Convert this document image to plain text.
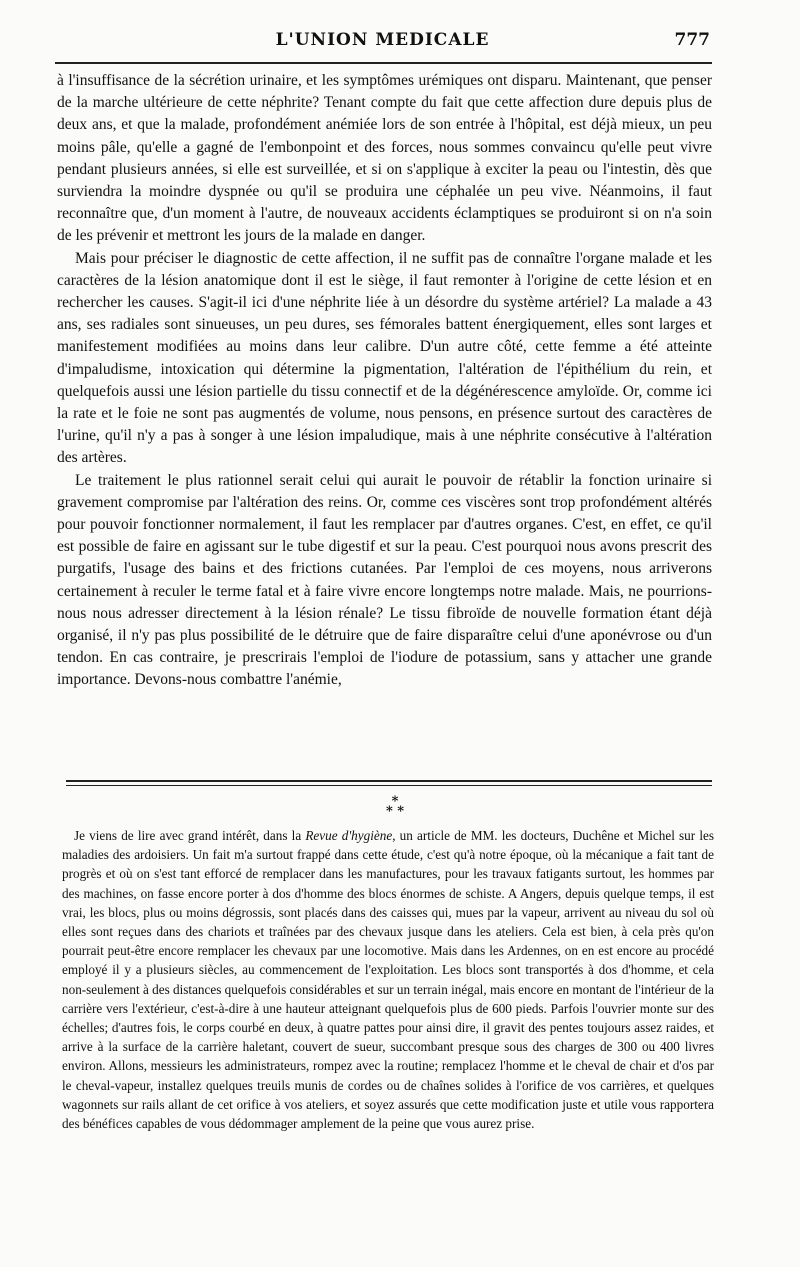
L'UNION MEDICALE	777

à l'insuffisance de la sécrétion urinaire, et les symptômes urémiques ont disparu. Maintenant, que penser de la marche ultérieure de cette néphrite? Tenant compte du fait que cette affection dure depuis plus de deux ans, et que la malade, profondément anémiée lors de son entrée à l'hôpital, est déjà mieux, un peu moins pâle, qu'elle a gagné de l'embonpoint et des forces, nous sommes convaincu qu'elle peut vivre pendant plusieurs années, si elle est surveillée, et si on s'applique à exciter la peau ou l'intestin, dès que surviendra la moindre dyspnée ou qu'il se produira une céphalée un peu vive. Néanmoins, il faut reconnaître que, d'un moment à l'autre, de nouveaux accidents éclamptiques se produiront si on n'a soin de les prévenir et mettront les jours de la malade en danger.

Mais pour préciser le diagnostic de cette affection, il ne suffit pas de connaître l'organe malade et les caractères de la lésion anatomique dont il est le siège, il faut remonter à l'origine de cette lésion et en rechercher les causes. S'agit-il ici d'une néphrite liée à un désordre du système artériel? La malade a 43 ans, ses radiales sont sinueuses, un peu dures, ses fémorales battent énergiquement, elles sont larges et manifestement modifiées au moins dans leur calibre. D'un autre côté, cette femme a été atteinte d'impaludisme, intoxication qui détermine la pigmentation, l'altération de l'épithélium du rein, et quelquefois aussi une lésion partielle du tissu connectif et de la dégénérescence amyloïde. Or, comme ici la rate et le foie ne sont pas augmentés de volume, nous pensons, en présence surtout des caractères de l'urine, qu'il n'y a pas à songer à une lésion impaludique, mais à une néphrite consécutive à l'altération des artères.

Le traitement le plus rationnel serait celui qui aurait le pouvoir de rétablir la fonction urinaire si gravement compromise par l'altération des reins. Or, comme ces viscères sont trop profondément altérés pour pouvoir fonctionner normalement, il faut les remplacer par d'autres organes. C'est, en effet, ce qu'il est possible de faire en agissant sur le tube digestif et sur la peau. C'est pourquoi nous avons prescrit des purgatifs, l'usage des bains et des frictions cutanées. Par l'emploi de ces moyens, nous arriverons certainement à reculer le terme fatal et à faire vivre encore longtemps notre malade. Mais, ne pourrions-nous nous adresser directement à la lésion rénale? Le tissu fibroïde de nouvelle formation étant déjà organisé, il n'y pas plus possibilité de le détruire que de faire disparaître celui d'une aponévrose ou d'un tendon. En cas contraire, je prescrirais l'emploi de l'iodure de potassium, sans y attacher une grande importance. Devons-nous combattre l'anémie,

*
* *

Je viens de lire avec grand intérêt, dans la Revue d'hygiène, un article de MM. les docteurs, Duchêne et Michel sur les maladies des ardoisiers. Un fait m'a surtout frappé dans cette étude, c'est qu'à notre époque, où la mécanique a fait tant de progrès et où on s'est tant efforcé de remplacer dans les manufactures, pour les travaux fatigants surtout, les hommes par des machines, on fasse encore porter à dos d'homme des blocs énormes de schiste. A Angers, depuis quelque temps, il est vrai, les blocs, plus ou moins dégrossis, sont placés dans des caisses qui, mues par la vapeur, arrivent au niveau du sol où elles sont reçues dans des chariots et traînées par des chevaux jusque dans les ateliers. Cela est bien, à cela près qu'on pourrait peut-être encore remplacer les chevaux par une locomotive. Mais dans les Ardennes, on en est encore au procédé employé il y a plusieurs siècles, au commencement de l'exploitation. Les blocs sont transportés à dos d'homme, et cela non-seulement à des distances quelquefois considérables et sur un terrain inégal, mais encore en montant de l'intérieur de la carrière vers l'extérieur, c'est-à-dire à une hauteur atteignant quelquefois plus de 600 pieds. Parfois l'ouvrier monte sur des échelles; d'autres fois, le corps courbé en deux, à quatre pattes pour ainsi dire, il gravit des pentes toujours assez raides, et arrive à la surface de la carrière haletant, couvert de sueur, succombant presque sous des charges de 300 ou 400 livres environ. Allons, messieurs les administrateurs, rompez avec la routine; remplacez l'homme et le cheval de chair et d'os par le cheval-vapeur, installez quelques treuils munis de cordes ou de chaînes solides à l'orifice de vos carrières, et quelques wagonnets sur rails allant de cet orifice à vos ateliers, et soyez assurés que cette modification juste et utile vous rapportera des bénéfices capables de vous dédommager amplement de la peine que vous aurez prise.
